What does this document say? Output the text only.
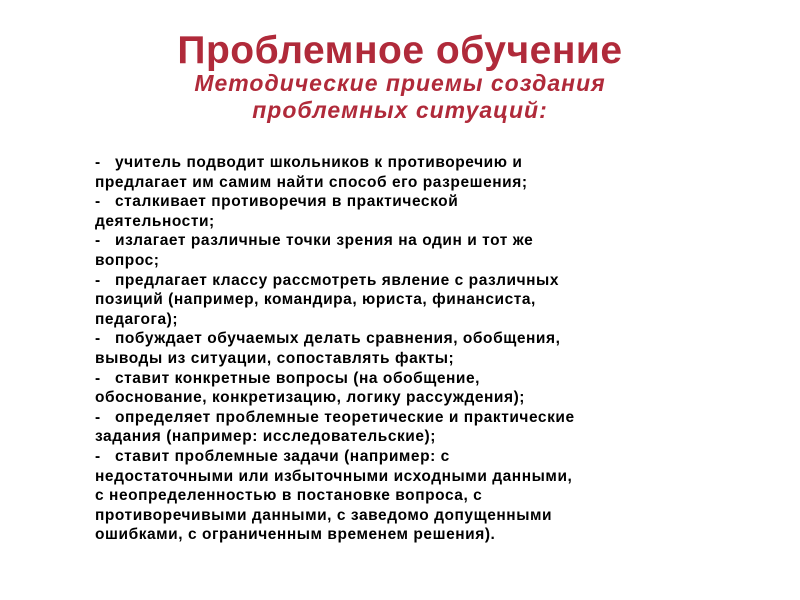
Проблемное обучение
Методические приемы создания
проблемных ситуаций:
- учитель подводит школьников к противоречию и
предлагает им самим найти способ его разрешения;
- сталкивает противоречия в практической
деятельности;
- излагает различные точки зрения на один и тот же
вопрос;
- предлагает классу рассмотреть явление с различных
позиций (например, командира, юриста, финансиста,
педагога);
- побуждает обучаемых делать сравнения, обобщения,
выводы из ситуации, сопоставлять факты;
- ставит конкретные вопросы (на обобщение,
обоснование, конкретизацию, логику рассуждения);
- определяет проблемные теоретические и практические
задания (например: исследовательские);
- ставит проблемные задачи (например: с
недостаточными или избыточными исходными данными,
с неопределенностью в постановке вопроса, с
противоречивыми данными, с заведомо допущенными
ошибками, с ограниченным временем решения).
